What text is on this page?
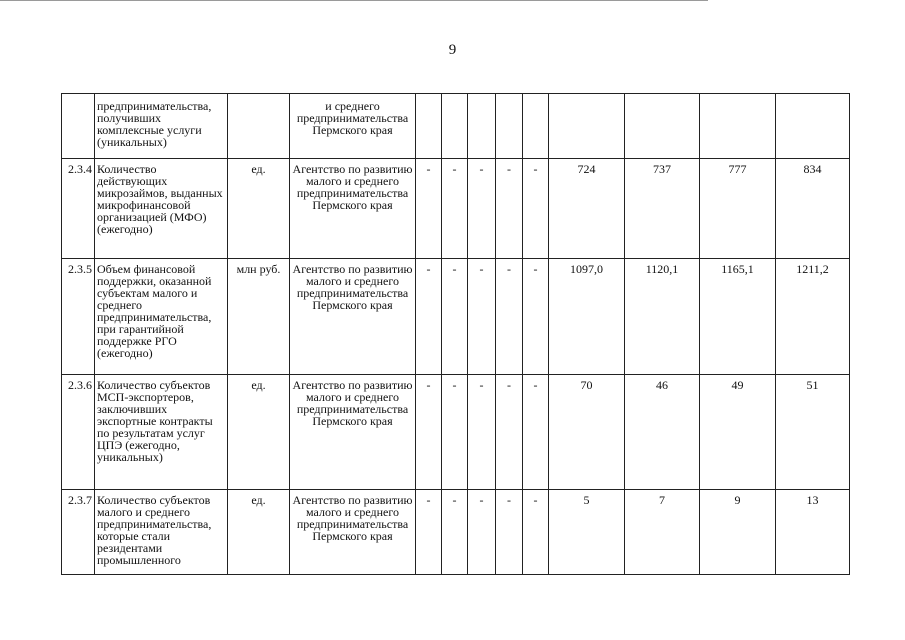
9
	предпринимательства, получивших комплексные услуги (уникальных)		и среднего предпринимательства Пермского края									
2.3.4	Количество действующих микрозаймов, выданных микрофинансовой организацией (МФО) (ежегодно)	ед.	Агентство по развитию малого и среднего предпринимательства Пермского края	-	-	-	-	-	724	737	777	834
2.3.5	Объем финансовой поддержки, оказанной субъектам малого и среднего предпринимательства, при гарантийной поддержке РГО (ежегодно)	млн руб.	Агентство по развитию малого и среднего предпринимательства Пермского края	-	-	-	-	-	1097,0	1120,1	1165,1	1211,2
2.3.6	Количество субъектов МСП-экспортеров, заключивших экспортные контракты по результатам услуг ЦПЭ (ежегодно, уникальных)	ед.	Агентство по развитию малого и среднего предпринимательства Пермского края	-	-	-	-	-	70	46	49	51
2.3.7	Количество субъектов малого и среднего предпринимательства, которые стали резидентами промышленного	ед.	Агентство по развитию малого и среднего предпринимательства Пермского края	-	-	-	-	-	5	7	9	13
